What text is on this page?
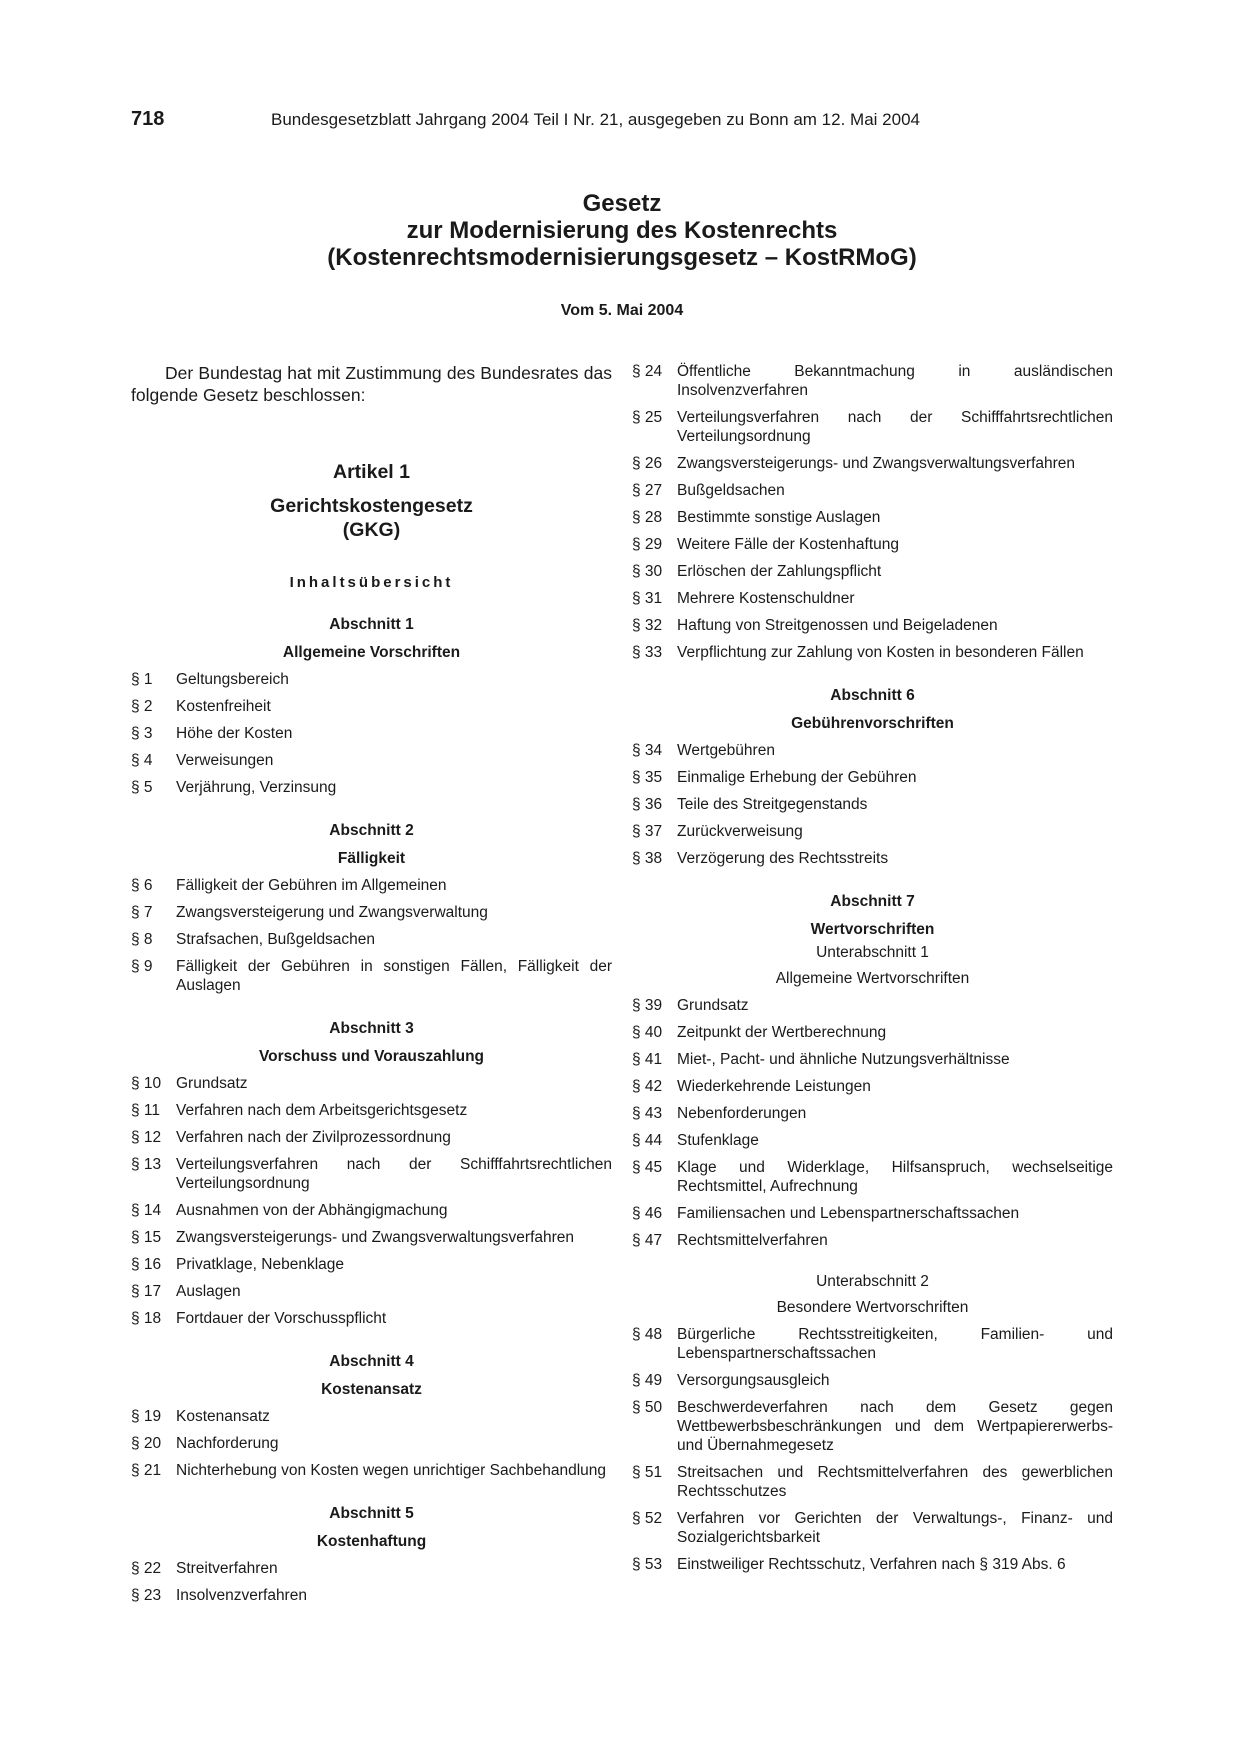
718	Bundesgesetzblatt Jahrgang 2004 Teil I Nr. 21, ausgegeben zu Bonn am 12. Mai 2004
Gesetz
zur Modernisierung des Kostenrechts
(Kostenrechtsmodernisierungsgesetz – KostRMoG)
Vom 5. Mai 2004

Der Bundestag hat mit Zustimmung des Bundesrates das folgende Gesetz beschlossen:

Artikel 1
Gerichtskostengesetz
(GKG)
Inhaltsübersicht
Abschnitt 1
Allgemeine Vorschriften
§ 1	Geltungsbereich
§ 2	Kostenfreiheit
§ 3	Höhe der Kosten
§ 4	Verweisungen
§ 5	Verjährung, Verzinsung
Abschnitt 2
Fälligkeit
§ 6	Fälligkeit der Gebühren im Allgemeinen
§ 7	Zwangsversteigerung und Zwangsverwaltung
§ 8	Strafsachen, Bußgeldsachen
§ 9	Fälligkeit der Gebühren in sonstigen Fällen, Fälligkeit der Auslagen
Abschnitt 3
Vorschuss und Vorauszahlung
§ 10 Grundsatz
§ 11	Verfahren nach dem Arbeitsgerichtsgesetz
§ 12 Verfahren nach der Zivilprozessordnung
§ 13 Verteilungsverfahren nach der Schifffahrtsrechtlichen Verteilungsordnung
§ 14 Ausnahmen von der Abhängigmachung
§ 15 Zwangsversteigerungs- und Zwangsverwaltungsverfahren
§ 16 Privatklage, Nebenklage
§ 17 Auslagen
§ 18 Fortdauer der Vorschusspflicht
Abschnitt 4
Kostenansatz
§ 19 Kostenansatz
§ 20 Nachforderung
§ 21 Nichterhebung von Kosten wegen unrichtiger Sachbehandlung
Abschnitt 5
Kostenhaftung
§ 22 Streitverfahren
§ 23 Insolvenzverfahren
§ 24 Öffentliche Bekanntmachung in ausländischen Insolvenzverfahren
§ 25 Verteilungsverfahren nach der Schifffahrtsrechtlichen Verteilungsordnung
§ 26 Zwangsversteigerungs- und Zwangsverwaltungsverfahren
§ 27 Bußgeldsachen
§ 28 Bestimmte sonstige Auslagen
§ 29 Weitere Fälle der Kostenhaftung
§ 30 Erlöschen der Zahlungspflicht
§ 31 Mehrere Kostenschuldner
§ 32 Haftung von Streitgenossen und Beigeladenen
§ 33 Verpflichtung zur Zahlung von Kosten in besonderen Fällen
Abschnitt 6
Gebührenvorschriften
§ 34 Wertgebühren
§ 35 Einmalige Erhebung der Gebühren
§ 36 Teile des Streitgegenstands
§ 37 Zurückverweisung
§ 38 Verzögerung des Rechtsstreits
Abschnitt 7
Wertvorschriften
Unterabschnitt 1
Allgemeine Wertvorschriften
§ 39 Grundsatz
§ 40 Zeitpunkt der Wertberechnung
§ 41 Miet-, Pacht- und ähnliche Nutzungsverhältnisse
§ 42 Wiederkehrende Leistungen
§ 43 Nebenforderungen
§ 44 Stufenklage
§ 45 Klage und Widerklage, Hilfsanspruch, wechselseitige Rechtsmittel, Aufrechnung
§ 46 Familiensachen und Lebenspartnerschaftssachen
§ 47 Rechtsmittelverfahren
Unterabschnitt 2
Besondere Wertvorschriften
§ 48 Bürgerliche Rechtsstreitigkeiten, Familien- und Lebenspartnerschaftssachen
§ 49 Versorgungsausgleich
§ 50 Beschwerdeverfahren nach dem Gesetz gegen Wettbewerbsbeschränkungen und dem Wertpapiererwerbs- und Übernahmegesetz
§ 51 Streitsachen und Rechtsmittelverfahren des gewerblichen Rechtsschutzes
§ 52 Verfahren vor Gerichten der Verwaltungs-, Finanz- und Sozialgerichtsbarkeit
§ 53 Einstweiliger Rechtsschutz, Verfahren nach § 319 Abs. 6
